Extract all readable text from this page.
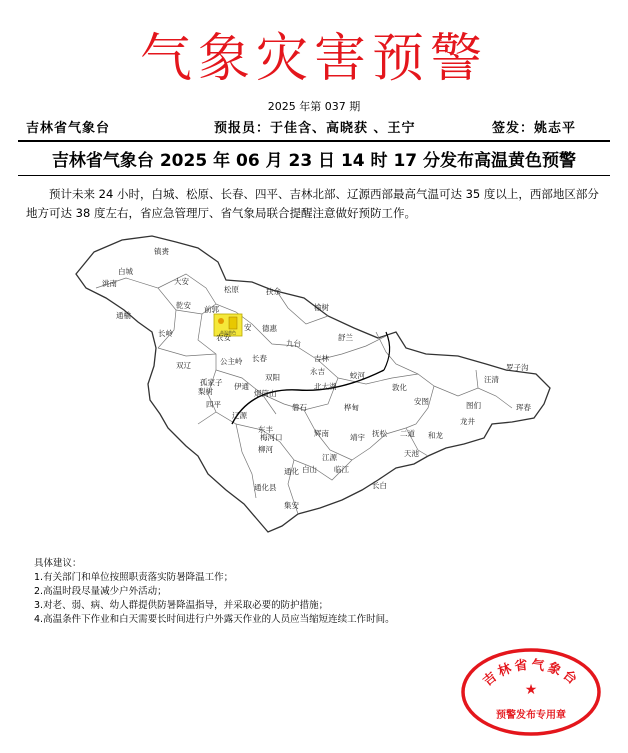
气象灾害预警
2025 年第 037 期
吉林省气象台	预报员：于佳含、高晓获 、王宁	签发：姚志平
吉林省气象台 2025 年 06 月 23 日 14 时 17 分发布高温黄色预警
预计未来 24 小时，白城、松原、长春、四平、吉林北部、辽源西部最高气温可达 35 度以上，西部地区部分地方可达 38 度左右，省应急管理厅、省气象局联合提醒注意做好预防工作。
高温黄色
镇赉
白城
洮南	大安
乾安
通榆
前郭
松原	扶余
长岭
安 德惠
榆树
舒兰
九台
长春
农安
公主岭
双辽
孤家子 伊通
双阳
吉林
永吉	蛟河
北大湖	敦化
罗子沟
汪清
梨树
四平	磐石
烟筒山
辽源
桦甸
安图	图们	珲春
龙井
东丰
梅河口
柳河
辉南	靖宇 抚松 二道 和龙
通化
江源
白山 临江
集安
通化县	长白
天池
具体建议：
1.有关部门和单位按照职责落实防暑降温工作；
2.高温时段尽量减少户外活动；
3.对老、弱、病、幼人群提供防暑降温指导，并采取必要的防护措施；
4.高温条件下作业和白天需要长时间进行户外露天作业的人员应当缩短连续工作时间。
吉林省气象台
★
预警发布专用章
